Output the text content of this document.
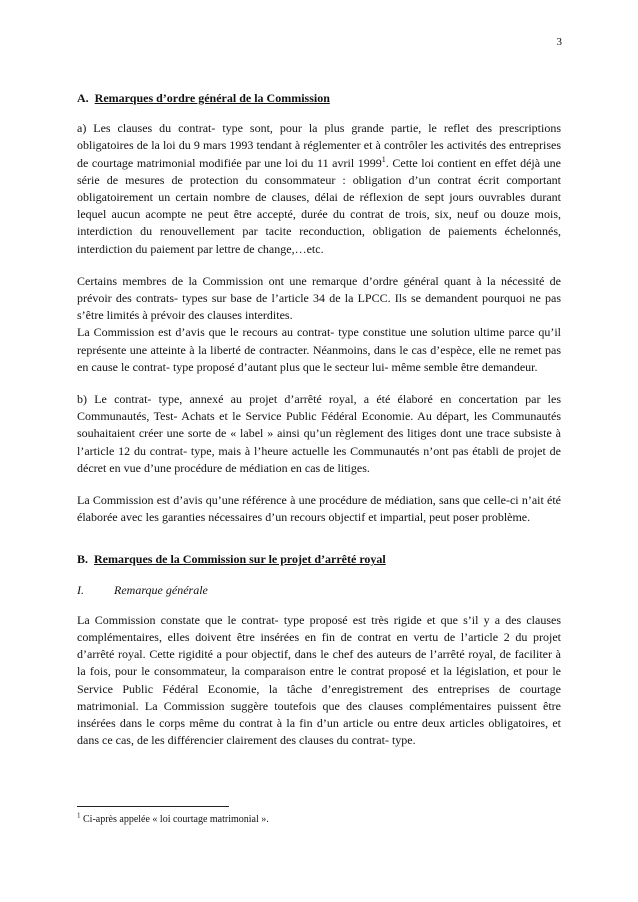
3

A. Remarques d’ordre général de la Commission

a) Les clauses du contrat- type sont, pour la plus grande partie, le reflet des prescriptions obligatoires de la loi du 9 mars 1993 tendant à réglementer et à contrôler les activités des entreprises de courtage matrimonial modifiée par une loi du 11 avril 1999$^1$. Cette loi contient en effet déjà une série de mesures de protection du consommateur : obligation d’un contrat écrit comportant obligatoirement un certain nombre de clauses, délai de réflexion de sept jours ouvrables durant lequel aucun acompte ne peut être accepté, durée du contrat de trois, six, neuf ou douze mois, interdiction du renouvellement par tacite reconduction, obligation de paiements échelonnés, interdiction du paiement par lettre de change,…etc.

Certains membres de la Commission ont une remarque d’ordre général quant à la nécessité de prévoir des contrats- types sur base de l’article 34 de la LPCC. Ils se demandent pourquoi ne pas s’être limités à prévoir des clauses interdites.

La Commission est d’avis que le recours au contrat- type constitue une solution ultime parce qu’il représente une atteinte à la liberté de contracter. Néanmoins, dans le cas d’espèce, elle ne remet pas en cause le contrat- type proposé d’autant plus que le secteur lui- même semble être demandeur.

b) Le contrat- type, annexé au projet d’arrêté royal, a été élaboré en concertation par les Communautés, Test- Achats et le Service Public Fédéral Economie. Au départ, les Communautés souhaitaient créer une sorte de « label » ainsi qu’un règlement des litiges dont une trace subsiste à l’article 12 du contrat- type, mais à l’heure actuelle les Communautés n’ont pas établi de projet de décret en vue d’une procédure de médiation en cas de litiges.

La Commission est d’avis qu’une référence à une procédure de médiation, sans que celle-ci n’ait été élaborée avec les garanties nécessaires d’un recours objectif et impartial, peut poser problème.

B. Remarques de la Commission sur le projet d’arrêté royal

I.	Remarque générale

La Commission constate que le contrat- type proposé est très rigide et que s’il y a des clauses complémentaires, elles doivent être insérées en fin de contrat en vertu de l’article 2 du projet d’arrêté royal. Cette rigidité a pour objectif, dans le chef des auteurs de l’arrêté royal, de faciliter à la fois, pour le consommateur, la comparaison entre le contrat proposé et la législation, et pour le Service Public Fédéral Economie, la tâche d’enregistrement des entreprises de courtage matrimonial. La Commission suggère toutefois que des clauses complémentaires puissent être insérées dans le corps même du contrat à la fin d’un article ou entre deux articles obligatoires, et dans ce cas, de les différencier clairement des clauses du contrat- type.

$^1$ Ci-après appelée « loi courtage matrimonial ».
